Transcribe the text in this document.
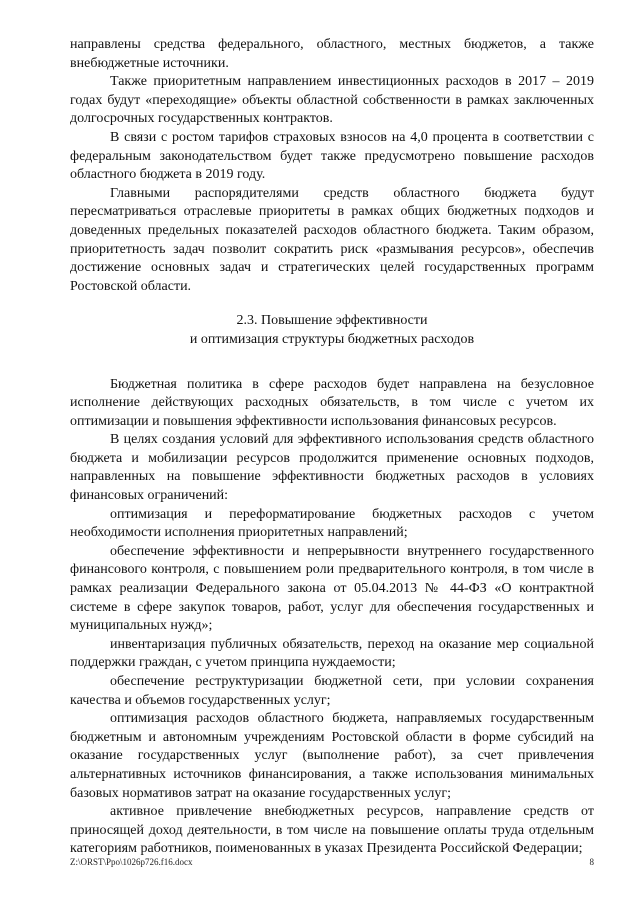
направлены средства федерального, областного, местных бюджетов, а также внебюджетные источники.

Также приоритетным направлением инвестиционных расходов в 2017 – 2019 годах будут «переходящие» объекты областной собственности в рамках заключенных долгосрочных государственных контрактов.

В связи с ростом тарифов страховых взносов на 4,0 процента в соответствии с федеральным законодательством будет также предусмотрено повышение расходов областного бюджета в 2019 году.

Главными распорядителями средств областного бюджета будут пересматриваться отраслевые приоритеты в рамках общих бюджетных подходов и доведенных предельных показателей расходов областного бюджета. Таким образом, приоритетность задач позволит сократить риск «размывания ресурсов», обеспечив достижение основных задач и стратегических целей государственных программ Ростовской области.

2.3. Повышение эффективности
и оптимизация структуры бюджетных расходов

Бюджетная политика в сфере расходов будет направлена на безусловное исполнение действующих расходных обязательств, в том числе с учетом их оптимизации и повышения эффективности использования финансовых ресурсов.

В целях создания условий для эффективного использования средств областного бюджета и мобилизации ресурсов продолжится применение основных подходов, направленных на повышение эффективности бюджетных расходов в условиях финансовых ограничений:

оптимизация и переформатирование бюджетных расходов с учетом необходимости исполнения приоритетных направлений;

обеспечение эффективности и непрерывности внутреннего государственного финансового контроля, с повышением роли предварительного контроля, в том числе в рамках реализации Федерального закона от 05.04.2013 № 44-ФЗ «О контрактной системе в сфере закупок товаров, работ, услуг для обеспечения государственных и муниципальных нужд»;

инвентаризация публичных обязательств, переход на оказание мер социальной поддержки граждан, с учетом принципа нуждаемости;

обеспечение реструктуризации бюджетной сети, при условии сохранения качества и объемов государственных услуг;

оптимизация расходов областного бюджета, направляемых государственным бюджетным и автономным учреждениям Ростовской области в форме субсидий на оказание государственных услуг (выполнение работ), за счет привлечения альтернативных источников финансирования, а также использования минимальных базовых нормативов затрат на оказание государственных услуг;

активное привлечение внебюджетных ресурсов, направление средств от приносящей доход деятельности, в том числе на повышение оплаты труда отдельным категориям работников, поименованных в указах Президента Российской Федерации;

Z:\ORST\Ppo\1026p726.f16.docx	8
